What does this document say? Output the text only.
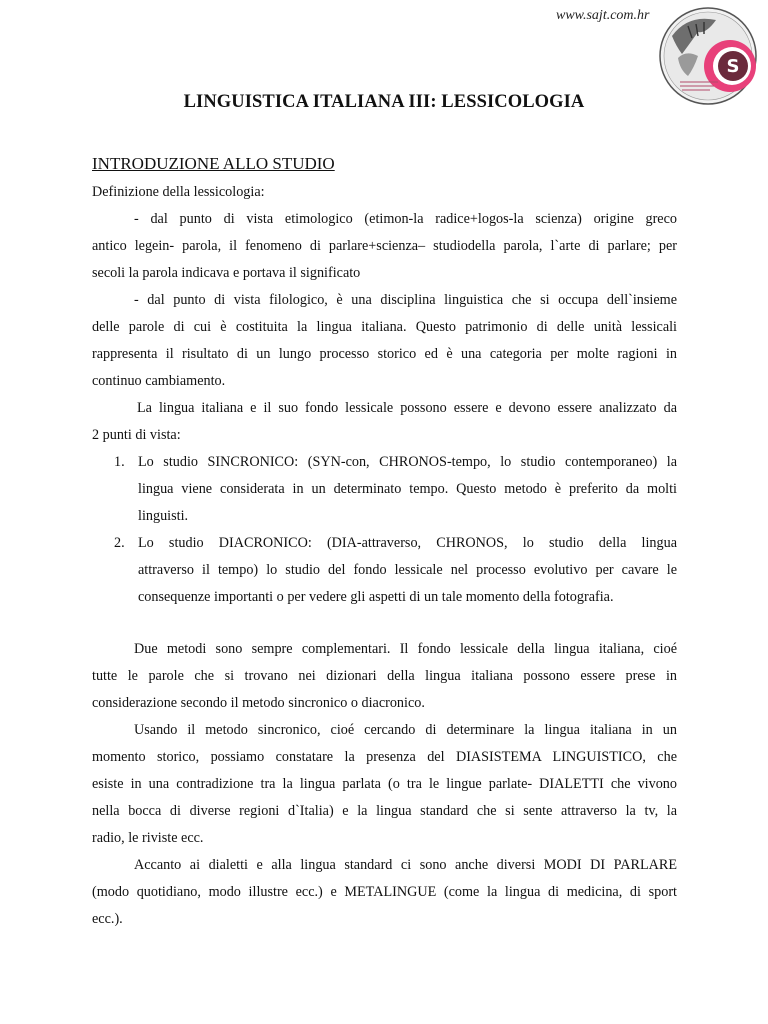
www.sajt.com.hr
S
LINGUISTICA ITALIANA III: LESSICOLOGIA
INTRODUZIONE ALLO STUDIO
Definizione della lessicologia:
- dal punto di vista etimologico (etimon-la radice+logos-la scienza) origine greco
antico legein- parola, il fenomeno di parlare+scienza– studiodella parola, l`arte di parlare; per
secoli la parola indicava e portava il significato
- dal punto di vista filologico, è una disciplina linguistica che si occupa dell`insieme
delle parole di cui è costituita la lingua italiana. Questo patrimonio di delle unità lessicali
rappresenta il risultato di un lungo processo storico ed è una categoria per molte ragioni in
continuo cambiamento.
La lingua italiana e il suo fondo lessicale possono essere e devono essere analizzato da
2 punti di vista:
1. Lo studio SINCRONICO: (SYN-con, CHRONOS-tempo, lo studio contemporaneo) la
lingua viene considerata in un determinato tempo. Questo metodo è preferito da molti
linguisti.
2. Lo studio DIACRONICO: (DIA-attraverso, CHRONOS, lo studio della lingua
attraverso il tempo) lo studio del fondo lessicale nel processo evolutivo per cavare le
consequenze importanti o per vedere gli aspetti di un tale momento della fotografia.
Due metodi sono sempre complementari. Il fondo lessicale della lingua italiana, cioé
tutte le parole che si trovano nei dizionari della lingua italiana possono essere prese in
considerazione secondo il metodo sincronico o diacronico.
Usando il metodo sincronico, cioé cercando di determinare la lingua italiana in un
momento storico, possiamo constatare la presenza del DIASISTEMA LINGUISTICO, che
esiste in una contradizione tra la lingua parlata (o tra le lingue parlate- DIALETTI che vivono
nella bocca di diverse regioni d`Italia) e la lingua standard che si sente attraverso la tv, la
radio, le riviste ecc.
Accanto ai dialetti e alla lingua standard ci sono anche diversi MODI DI PARLARE
(modo quotidiano, modo illustre ecc.) e METALINGUE (come la lingua di medicina, di sport
ecc.).
